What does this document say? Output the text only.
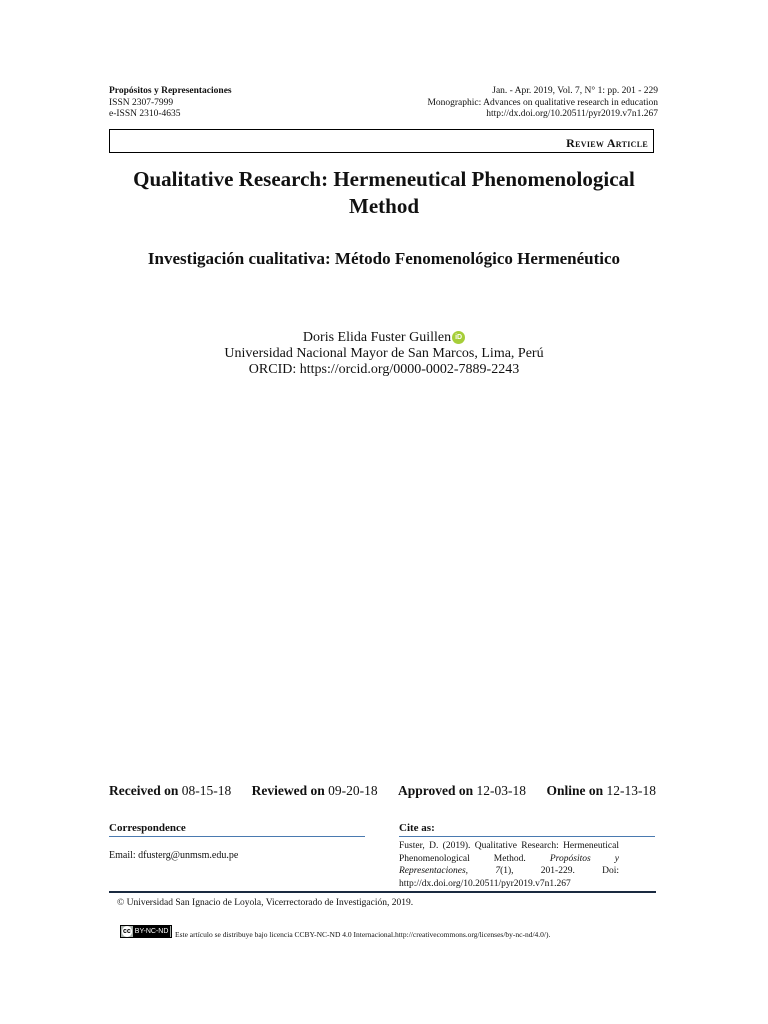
Propósitos y Representaciones
ISSN 2307-7999
e-ISSN 2310-4635
Jan. - Apr. 2019, Vol. 7, N° 1: pp. 201 - 229
Monographic: Advances on qualitative research in education
http://dx.doi.org/10.20511/pyr2019.v7n1.267
Review Article
Qualitative Research: Hermeneutical Phenomenological Method
Investigación cualitativa: Método Fenomenológico Hermenéutico
Doris Elida Fuster Guillen iD
Universidad Nacional Mayor de San Marcos, Lima, Perú
ORCID: https://orcid.org/0000-0002-7889-2243
Received on 08-15-18 Reviewed on 09-20-18 Approved on 12-03-18 Online on 12-13-18
Correspondence
Email: dfusterg@unmsm.edu.pe
Cite as:
Fuster, D. (2019). Qualitative Research: Hermeneutical Phenomenological Method.	Propósitos y Representaciones,	7(1), 201-229. Doi: http://dx.doi.org/10.20511/pyr2019.v7n1.267
© Universidad San Ignacio de Loyola, Vicerrectorado de Investigación, 2019.
cc BY-NC-ND Este artículo se distribuye bajo licencia CCBY-NC-ND 4.0 Internacional.http://creativecommons.org/licenses/by-nc-nd/4.0/).
